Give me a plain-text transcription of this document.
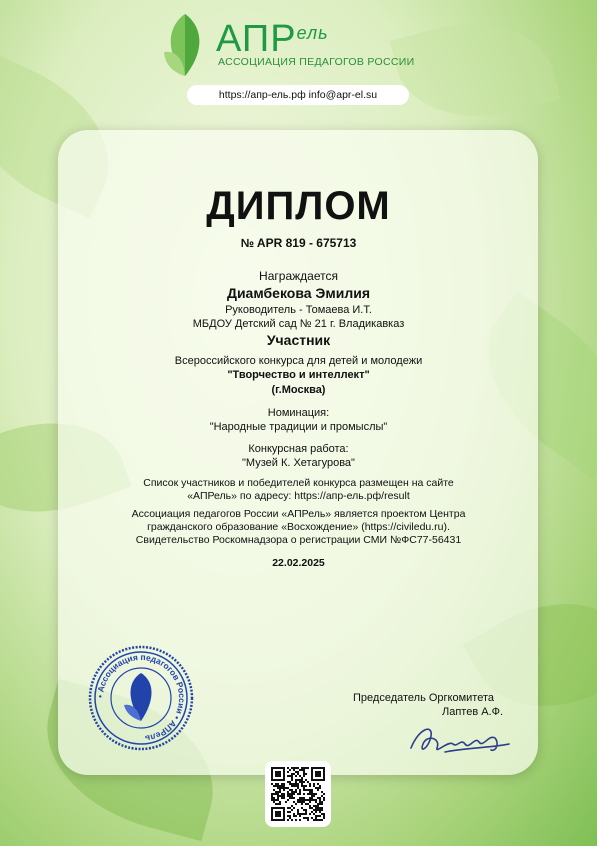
$АПР^{ель}$
АССОЦИАЦИЯ ПЕДАГОГОВ РОССИИ
https://апр-ель.рф info@apr-el.su
ДИПЛОМ
№ APR 819 - 675713
Награждается
Диамбекова Эмилия
Руководитель - Томаева И.Т.
МБДОУ Детский сад № 21 г. Владикавказ
Участник
Всероссийского конкурса для детей и молодежи
"Творчество и интеллект"
(г.Москва)
Номинация:
"Народные традиции и промыслы"
Конкурсная работа:
"Музей К. Хетагурова"
Список участников и победителей конкурса размещен на сайте
«АПРель» по адресу: https://апр-ель.рф/result
Ассоциация педагогов России «АПРель» является проектом Центра
гражданского образование «Восхождение» (https://civiledu.ru).
Свидетельство Роскомнадзора о регистрации СМИ №ФС77-56431
22.02.2025
• Ассоциация педагогов России • АПРель
Председатель Оргкомитета
Лаптев А.Ф.
